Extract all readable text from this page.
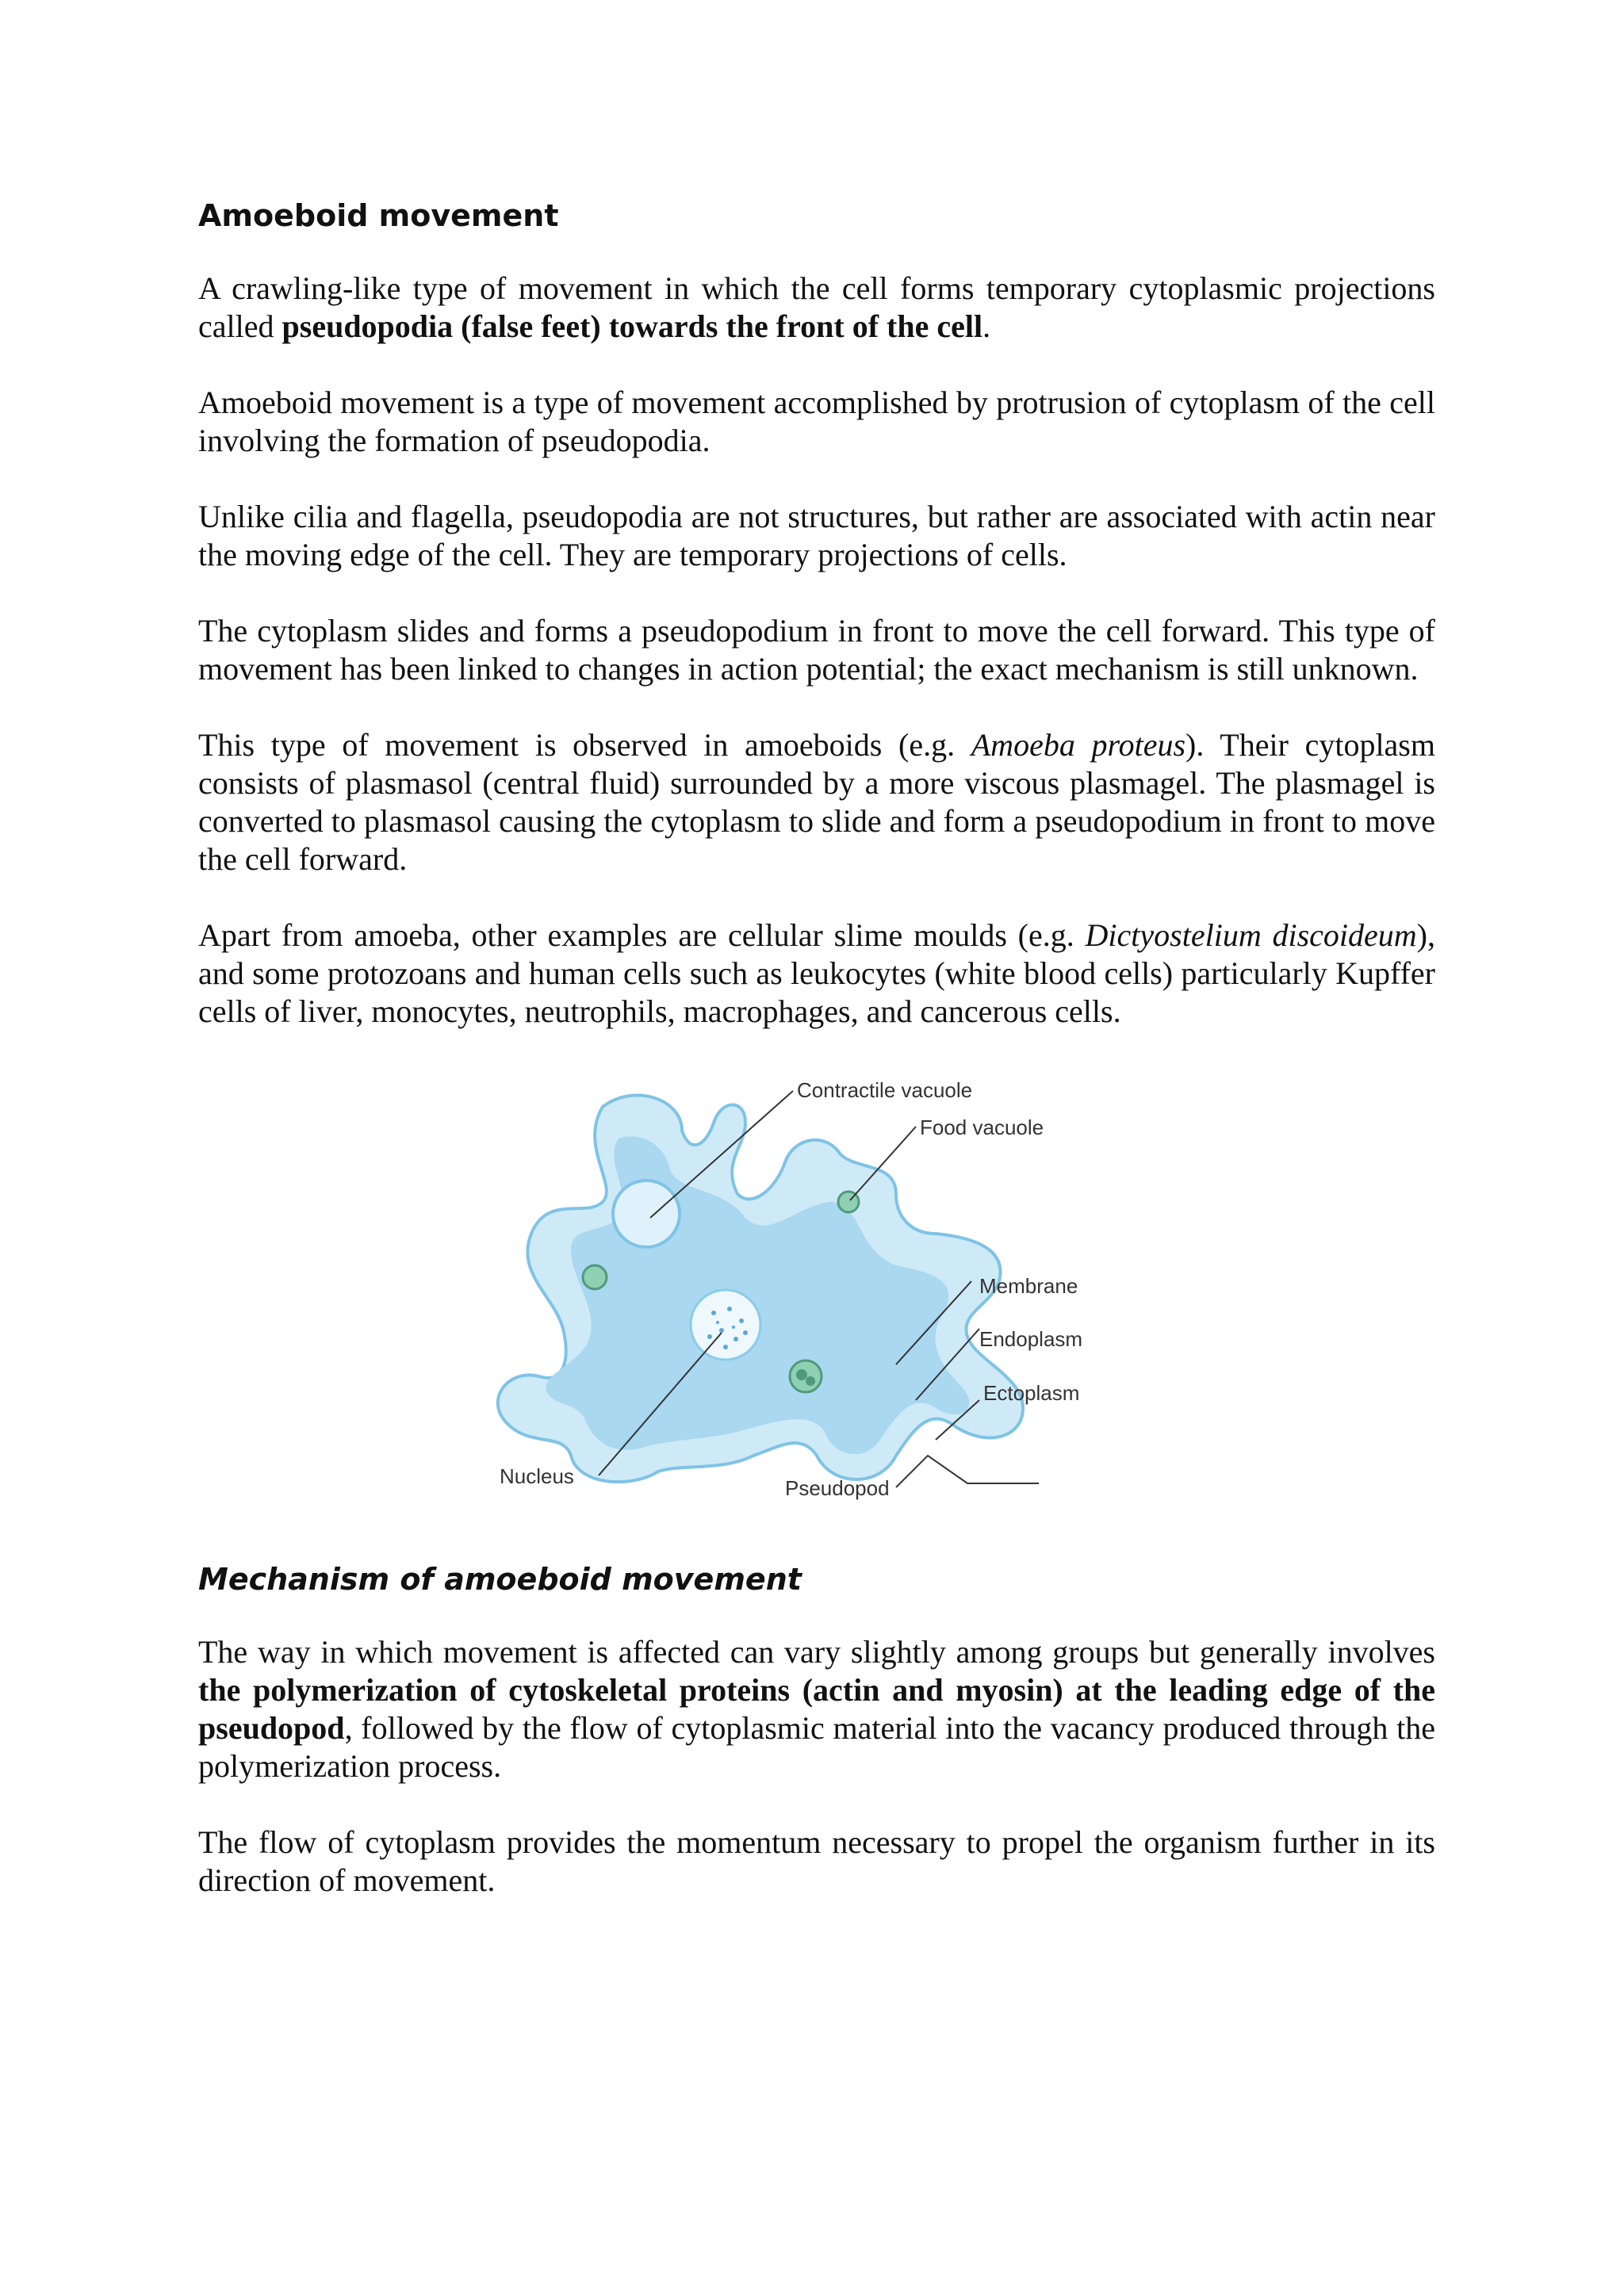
Amoeboid movement

A crawling-like type of movement in which the cell forms temporary cytoplasmic projections called pseudopodia (false feet) towards the front of the cell.

Amoeboid movement is a type of movement accomplished by protrusion of cytoplasm of the cell involving the formation of pseudopodia.

Unlike cilia and flagella, pseudopodia are not structures, but rather are associated with actin near the moving edge of the cell. They are temporary projections of cells.

The cytoplasm slides and forms a pseudopodium in front to move the cell forward. This type of movement has been linked to changes in action potential; the exact mechanism is still unknown.

This type of movement is observed in amoeboids (e.g. Amoeba proteus). Their cytoplasm consists of plasmasol (central fluid) surrounded by a more viscous plasmagel. The plasmagel is converted to plasmasol causing the cytoplasm to slide and form a pseudopodium in front to move the cell forward.

Apart from amoeba, other examples are cellular slime moulds (e.g. Dictyostelium discoideum), and some protozoans and human cells such as leukocytes (white blood cells) particularly Kupffer cells of liver, monocytes, neutrophils, macrophages, and cancerous cells.

Contractile vacuole
Food vacuole
Membrane
Endoplasm
Ectoplasm
Nucleus	Pseudopod
Mechanism of amoeboid movement

The way in which movement is affected can vary slightly among groups but generally involves the polymerization of cytoskeletal proteins (actin and myosin) at the leading edge of the pseudopod, followed by the flow of cytoplasmic material into the vacancy produced through the polymerization process.

The flow of cytoplasm provides the momentum necessary to propel the organism further in its direction of movement.
